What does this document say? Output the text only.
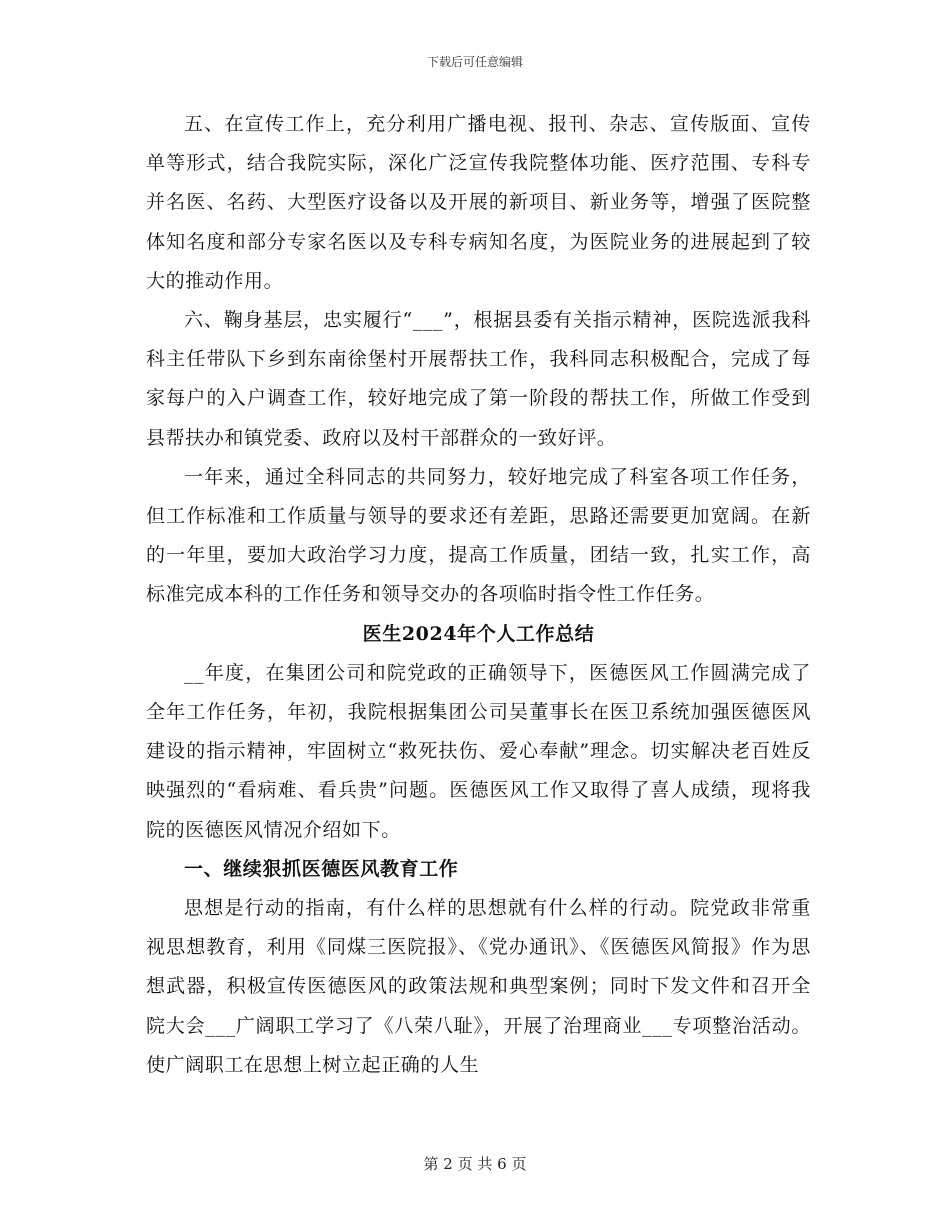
下载后可任意编辑

五、在宣传工作上，充分利用广播电视、报刊、杂志、宣传版面、宣传单等形式，结合我院实际，深化广泛宣传我院整体功能、医疗范围、专科专并名医、名药、大型医疗设备以及开展的新项目、新业务等，增强了医院整体知名度和部分专家名医以及专科专病知名度，为医院业务的进展起到了较大的推动作用。

六、鞠身基层，忠实履行“___”，根据县委有关指示精神，医院选派我科科主任带队下乡到东南徐堡村开展帮扶工作，我科同志积极配合，完成了每家每户的入户调查工作，较好地完成了第一阶段的帮扶工作，所做工作受到县帮扶办和镇党委、政府以及村干部群众的一致好评。

一年来，通过全科同志的共同努力，较好地完成了科室各项工作任务，但工作标准和工作质量与领导的要求还有差距，思路还需要更加宽阔。在新的一年里，要加大政治学习力度，提高工作质量，团结一致，扎实工作，高标准完成本科的工作任务和领导交办的各项临时指令性工作任务。

医生2024年个人工作总结

__年度，在集团公司和院党政的正确领导下，医德医风工作圆满完成了全年工作任务，年初，我院根据集团公司吴董事长在医卫系统加强医德医风建设的指示精神，牢固树立“救死扶伤、爱心奉献”理念。切实解决老百姓反映强烈的“看病难、看兵贵”问题。医德医风工作又取得了喜人成绩，现将我院的医德医风情况介绍如下。

一、继续狠抓医德医风教育工作

思想是行动的指南，有什么样的思想就有什么样的行动。院党政非常重视思想教育，利用《同煤三医院报》、《党办通讯》、《医德医风简报》作为思想武器，积极宣传医德医风的政策法规和典型案例；同时下发文件和召开全院大会___广阔职工学习了《八荣八耻》，开展了治理商业___专项整治活动。使广阔职工在思想上树立起正确的人生

第 2 页 共 6 页
